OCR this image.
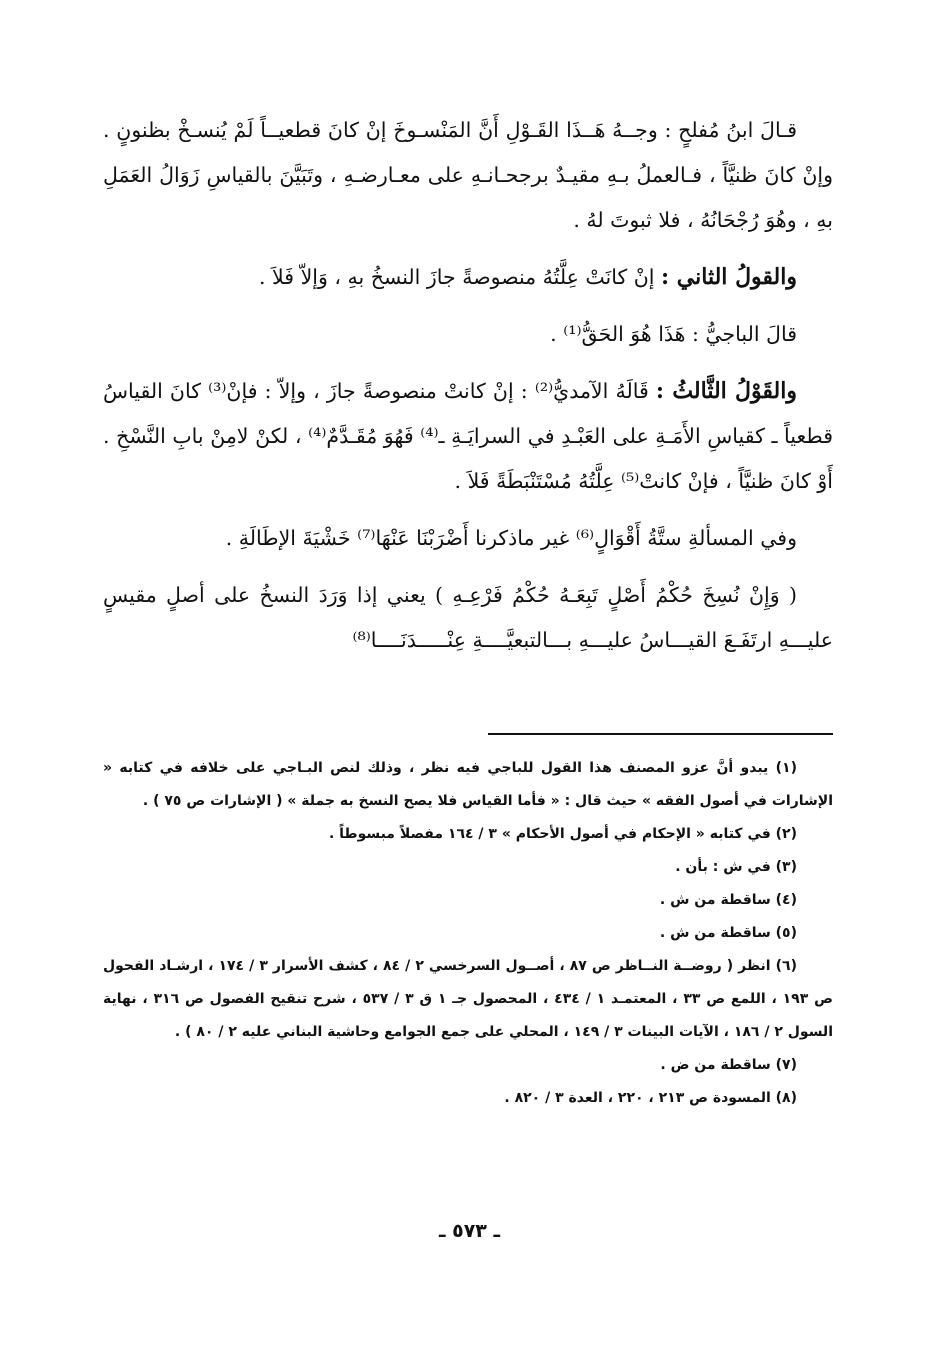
قـالَ ابنُ مُفلحٍ : وجــهُ هَــذَا القَـوْلِ أَنَّ المَنْسـوخَ إنْ كانَ قطعيــاً لَمْ يُنسـخْ بظنونٍ . وإنْ كانَ ظنيَّاً ، فـالعملُ بـهِ مقيـدٌ برجحـانـهِ على معـارضـهِ ، وتَبَيَّنَ بالقياسِ زَوَالُ العَمَلِ بهِ ، وهُوَ رُجْحَانُهُ ، فلا ثبوتَ لهُ .

والقولُ الثاني : إنْ كانَتْ عِلَّتُهُ منصوصةً جازَ النسخُ بهِ ، وَإلاّ فَلاَ .

قالَ الباجيُّ : هَذَا هُوَ الحَقُّ⁽¹⁾ .

والقَوْلُ الثَّالثُ : قَالَهُ الآمديُّ⁽²⁾ : إنْ كانتْ منصوصةً جازَ ، وإلاّ : فإنْ⁽³⁾ كانَ القياسُ قطعياً ـ كقياسِ الأَمَـةِ على العَبْـدِ في السرايَـةِ ـ⁽⁴⁾ فَهُوَ مُقَـدَّمٌ⁽⁴⁾ ، لكنْ لامِنْ بابِ النَّسْخِ . أَوْ كانَ ظنيَّاً ، فإنْ كانتْ⁽⁵⁾ عِلَّتُهُ مُسْتَنْبَطَةً فَلاَ .

وفي المسألةِ ستَّةُ أَقْوَالٍ⁽⁶⁾ غير ماذكرنا أَضْرَبْنَا عَنْهَا⁽⁷⁾ خَشْيَةَ الإطَالَةِ .

( وَإِنْ نُسِخَ حُكْمُ أَصْلٍ تَبِعَـهُ حُكْمُ فَرْعِـهِ ) يعني إذا وَرَدَ النسخُ على أصلٍ مقيسٍ عليـــهِ ارتَفَـعَ القيـــاسُ عليـــهِ بـــالتبعيَّــــةِ عِنْـــــدَنَــــا⁽⁸⁾

(١) يبدو أنَّ عزو المصنف هذا القول للباجي فيه نظر ، وذلك لنص البـاجي على خلافه في كتابه « الإشارات في أصول الفقه » حيث قال : « فأما القياس فلا يصح النسخ به جملة » ( الإشارات ص ٧٥ ) .

(٢) في كتابه « الإحكام في أصول الأحكام » ٣ / ١٦٤ مفصلاً مبسوطاً .

(٣) في ش : بأن .

(٤) ساقطة من ش .

(٥) ساقطة من ش .

(٦) انظر ( روضــة النــاظر ص ٨٧ ، أصــول السرخسي ٢ / ٨٤ ، كشف الأسرار ٣ / ١٧٤ ، ارشـاد الفحول ص ١٩٣ ، اللمع ص ٣٣ ، المعتمـد ١ / ٤٣٤ ، المحصول جـ ١ ق ٣ / ٥٣٧ ، شرح تنقيح الفصول ص ٣١٦ ، نهاية السول ٢ / ١٨٦ ، الآيات البينات ٣ / ١٤٩ ، المحلي على جمع الجوامع وحاشية البناني عليه ٢ / ٨٠ ) .

(٧) ساقطة من ض .

(٨) المسودة ص ٢١٣ ، ٢٢٠ ، العدة ٣ / ٨٢٠ .

ـ ٥٧٣ ـ
